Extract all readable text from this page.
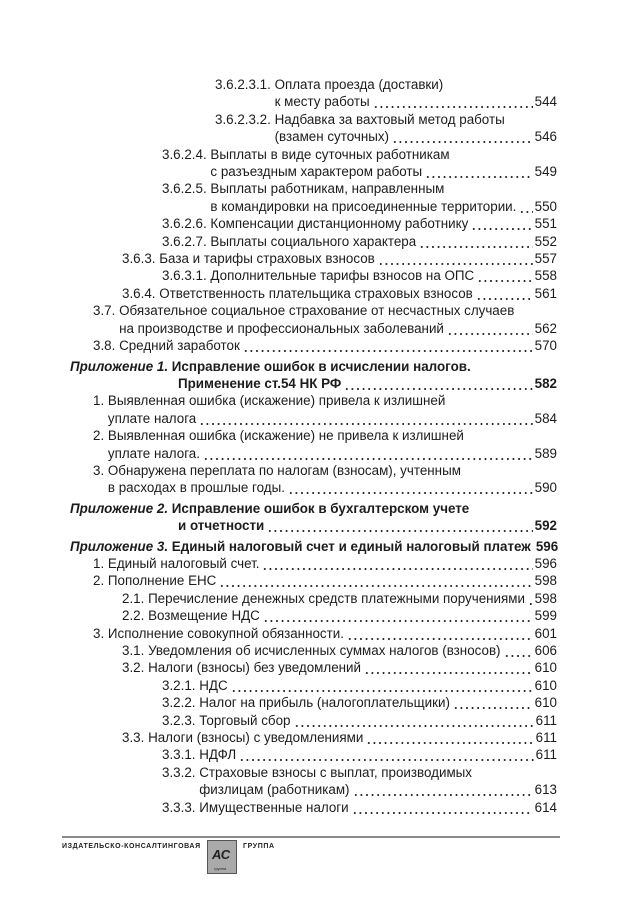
3.6.2.3.1. Оплата проезда (доставки)
к месту работы	544
3.6.2.3.2. Надбавка за вахтовый метод работы
(взамен суточных)	546
3.6.2.4. Выплаты в виде суточных работникам
с разъездным характером работы	549
3.6.2.5. Выплаты работникам, направленным
в командировки на присоединенные территории. 550
3.6.2.6. Компенсации дистанционному работнику	551
3.6.2.7. Выплаты социального характера	552
3.6.3. База и тарифы страховых взносов	557
3.6.3.1. Дополнительные тарифы взносов на ОПС	558
3.6.4. Ответственность плательщика страховых взносов	561
3.7. Обязательное социальное страхование от несчастных случаев
на производстве и профессиональных заболеваний	562
3.8. Средний заработок	570
Приложение 1. Исправление ошибок в исчислении налогов.
Применение ст.54 НК РФ	582
1. Выявленная ошибка (искажение) привела к излишней
уплате налога	584
2. Выявленная ошибка (искажение) не привела к излишней
уплате налога.	589
3. Обнаружена переплата по налогам (взносам), учтенным
в расходах в прошлые годы.	590
Приложение 2. Исправление ошибок в бухгалтерском учете
и отчетности	592
Приложение 3. Единый налоговый счет и единый налоговый платеж 596
1. Единый налоговый счет.	596
2. Пополнение ЕНС	598
2.1. Перечисление денежных средств платежными поручениями 598
2.2. Возмещение НДС	599
3. Исполнение совокупной обязанности.	601
3.1. Уведомления об исчисленных суммах налогов (взносов)	606
3.2. Налоги (взносы) без уведомлений	610
3.2.1. НДС	610
3.2.2. Налог на прибыль (налогоплательщики)	610
3.2.3. Торговый сбор	611
3.3. Налоги (взносы) с уведомлениями	611
3.3.1. НДФЛ	611
3.3.2. Страховые взносы с выплат, производимых
физлицам (работникам)	613
3.3.3. Имущественные налоги	614
ИЗДАТЕЛЬСКО-КОНСАЛТИНГОВАЯ
АС
группа
ГРУППА
